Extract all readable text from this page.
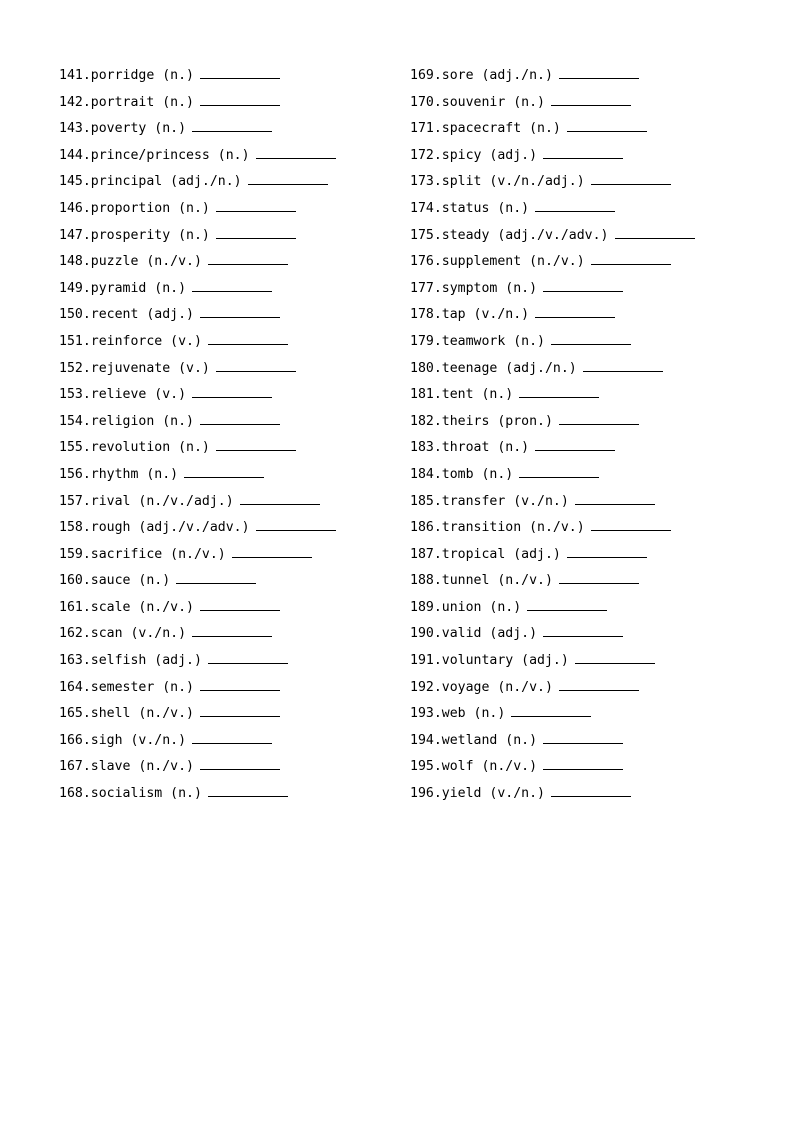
141.porridge (n.)
142.portrait (n.)
143.poverty (n.)
144.prince/princess (n.)
145.principal (adj./n.)
146.proportion (n.)
147.prosperity (n.)
148.puzzle (n./v.)
149.pyramid (n.)
150.recent (adj.)
151.reinforce (v.)
152.rejuvenate (v.)
153.relieve (v.)
154.religion (n.)
155.revolution (n.)
156.rhythm (n.)
157.rival (n./v./adj.)
158.rough (adj./v./adv.)
159.sacrifice (n./v.)
160.sauce (n.)
161.scale (n./v.)
162.scan (v./n.)
163.selfish (adj.)
164.semester (n.)
165.shell (n./v.)
166.sigh (v./n.)
167.slave (n./v.)
168.socialism (n.)
169.sore (adj./n.)
170.souvenir (n.)
171.spacecraft (n.)
172.spicy (adj.)
173.split (v./n./adj.)
174.status (n.)
175.steady (adj./v./adv.)
176.supplement (n./v.)
177.symptom (n.)
178.tap (v./n.)
179.teamwork (n.)
180.teenage (adj./n.)
181.tent (n.)
182.theirs (pron.)
183.throat (n.)
184.tomb (n.)
185.transfer (v./n.)
186.transition (n./v.)
187.tropical (adj.)
188.tunnel (n./v.)
189.union (n.)
190.valid (adj.)
191.voluntary (adj.)
192.voyage (n./v.)
193.web (n.)
194.wetland (n.)
195.wolf (n./v.)
196.yield (v./n.)
